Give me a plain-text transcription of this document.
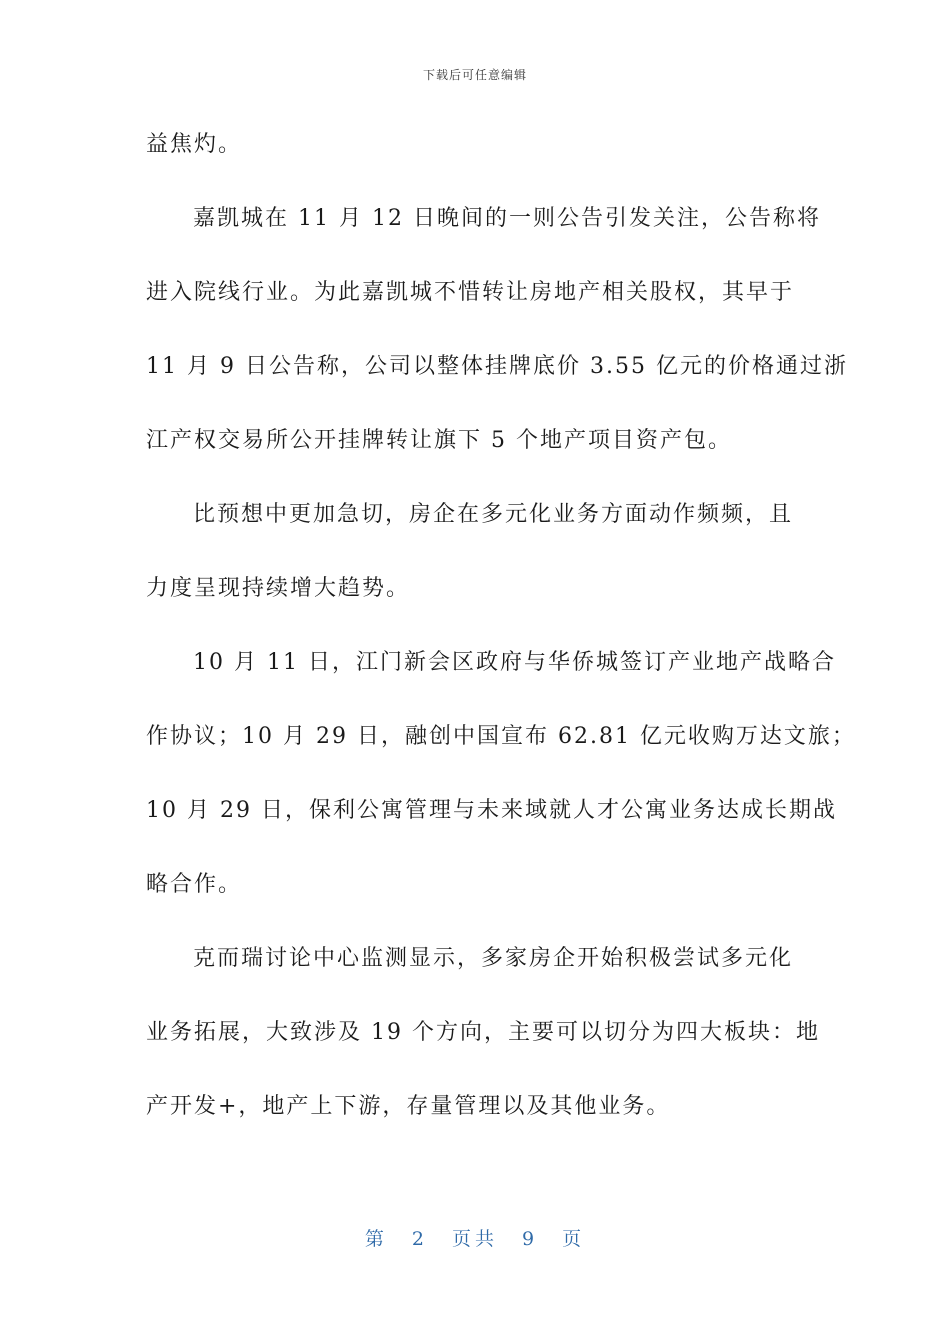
下载后可任意编辑
益焦灼。
嘉凯城在 11 月 12 日晚间的一则公告引发关注，公告称将
进入院线行业。为此嘉凯城不惜转让房地产相关股权，其早于
11 月 9 日公告称，公司以整体挂牌底价 3.55 亿元的价格通过浙
江产权交易所公开挂牌转让旗下 5 个地产项目资产包。
比预想中更加急切，房企在多元化业务方面动作频频，且
力度呈现持续增大趋势。
10 月 11 日，江门新会区政府与华侨城签订产业地产战略合
作协议；10 月 29 日，融创中国宣布 62.81 亿元收购万达文旅；
10 月 29 日，保利公寓管理与未来域就人才公寓业务达成长期战
略合作。
克而瑞讨论中心监测显示，多家房企开始积极尝试多元化
业务拓展，大致涉及 19 个方向，主要可以切分为四大板块：地
产开发+，地产上下游，存量管理以及其他业务。
第 2 页共 9 页
